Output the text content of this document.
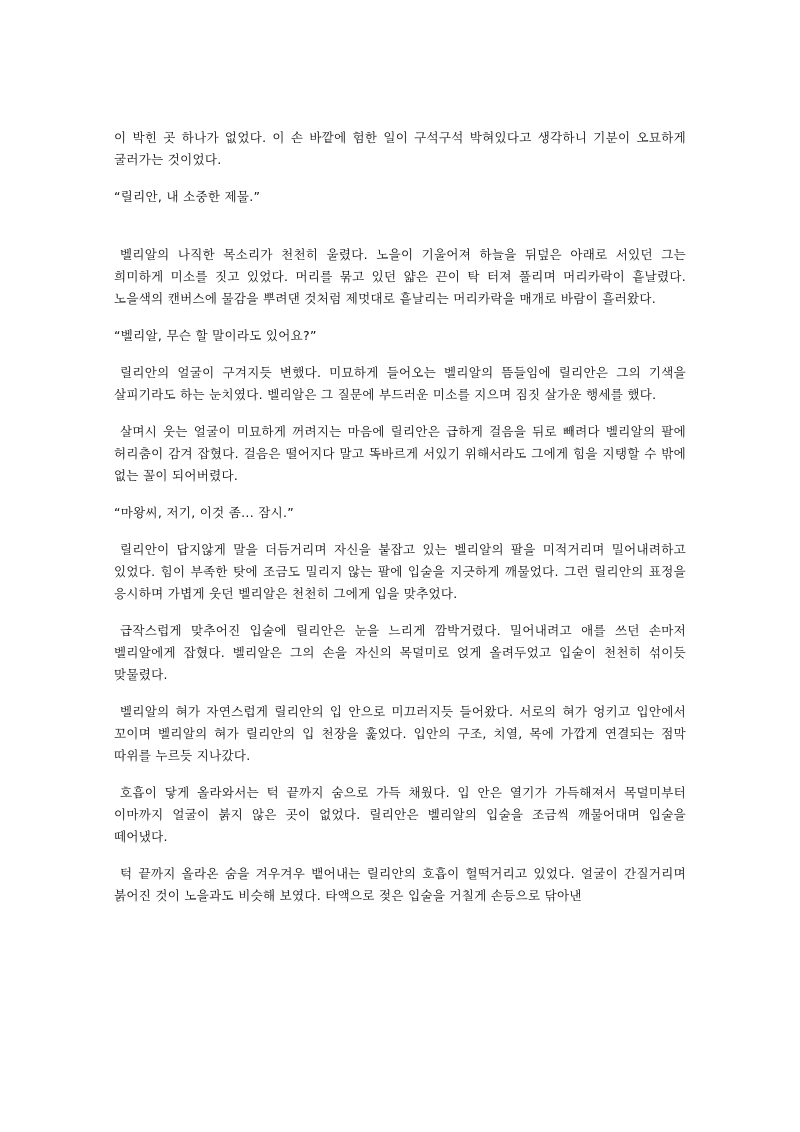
이 박힌 곳 하나가 없었다. 이 손 바깥에 험한 일이 구석구석 박혀있다고 생각하니 기분이 오묘하게 굴러가는 것이었다.

“릴리안, 내 소중한 제물.”

벨리알의 나직한 목소리가 천천히 울렸다. 노을이 기울어져 하늘을 뒤덮은 아래로 서있던 그는 희미하게 미소를 짓고 있었다. 머리를 묶고 있던 얇은 끈이 탁 터져 풀리며 머리카락이 흩날렸다. 노을색의 캔버스에 물감을 뿌려댄 것처럼 제멋대로 흩날리는 머리카락을 매개로 바람이 흘러왔다.

“벨리알, 무슨 할 말이라도 있어요?”

릴리안의 얼굴이 구겨지듯 변했다. 미묘하게 들어오는 벨리알의 뜸들임에 릴리안은 그의 기색을 살피기라도 하는 눈치였다. 벨리알은 그 질문에 부드러운 미소를 지으며 짐짓 살가운 행세를 했다.

살며시 웃는 얼굴이 미묘하게 꺼려지는 마음에 릴리안은 급하게 걸음을 뒤로 빼려다 벨리알의 팔에 허리춤이 감겨 잡혔다. 걸음은 떨어지다 말고 똑바르게 서있기 위해서라도 그에게 힘을 지탱할 수 밖에 없는 꼴이 되어버렸다.

“마왕씨, 저기, 이것 좀... 잠시.”

릴리안이 답지않게 말을 더듬거리며 자신을 붙잡고 있는 벨리알의 팔을 미적거리며 밀어내려하고 있었다. 힘이 부족한 탓에 조금도 밀리지 않는 팔에 입술을 지긋하게 깨물었다. 그런 릴리안의 표정을 응시하며 가볍게 웃던 벨리알은 천천히 그에게 입을 맞추었다.

급작스럽게 맞추어진 입술에 릴리안은 눈을 느리게 깜박거렸다. 밀어내려고 애를 쓰던 손마저 벨리알에게 잡혔다. 벨리알은 그의 손을 자신의 목덜미로 얹게 올려두었고 입술이 천천히 섞이듯 맞물렸다.

벨리알의 혀가 자연스럽게 릴리안의 입 안으로 미끄러지듯 들어왔다. 서로의 혀가 엉키고 입안에서 꼬이며 벨리알의 혀가 릴리안의 입 천장을 훑었다. 입안의 구조, 치열, 목에 가깝게 연결되는 점막 따위를 누르듯 지나갔다.

호흡이 닿게 올라와서는 턱 끝까지 숨으로 가득 채웠다. 입 안은 열기가 가득해져서 목덜미부터 이마까지 얼굴이 붉지 않은 곳이 없었다. 릴리안은 벨리알의 입술을 조금씩 깨물어대며 입술을 떼어냈다.

턱 끝까지 올라온 숨을 겨우겨우 뱉어내는 릴리안의 호흡이 헐떡거리고 있었다. 얼굴이 간질거리며 붉어진 것이 노을과도 비슷해 보였다. 타액으로 젖은 입술을 거칠게 손등으로 닦아낸
